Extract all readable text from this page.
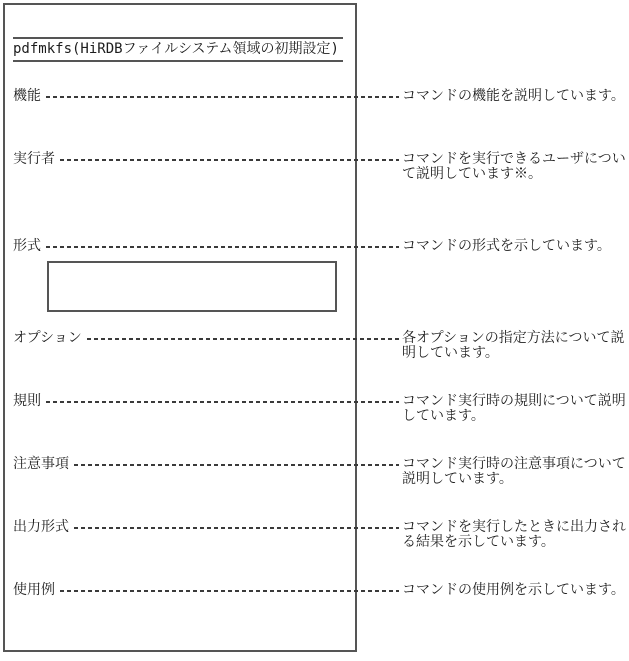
pdfmkfs(HiRDBファイルシステム領域の初期設定)
機能	コマンドの機能を説明しています。
実行者	コマンドを実行できるユーザについ
て説明しています※。
形式	コマンドの形式を示しています。
オプション	各オプションの指定方法について説
明しています。
規則	コマンド実行時の規則について説明
しています。
注意事項	コマンド実行時の注意事項について
説明しています。
出力形式	コマンドを実行したときに出力され
る結果を示しています。
使用例	コマンドの使用例を示しています。
